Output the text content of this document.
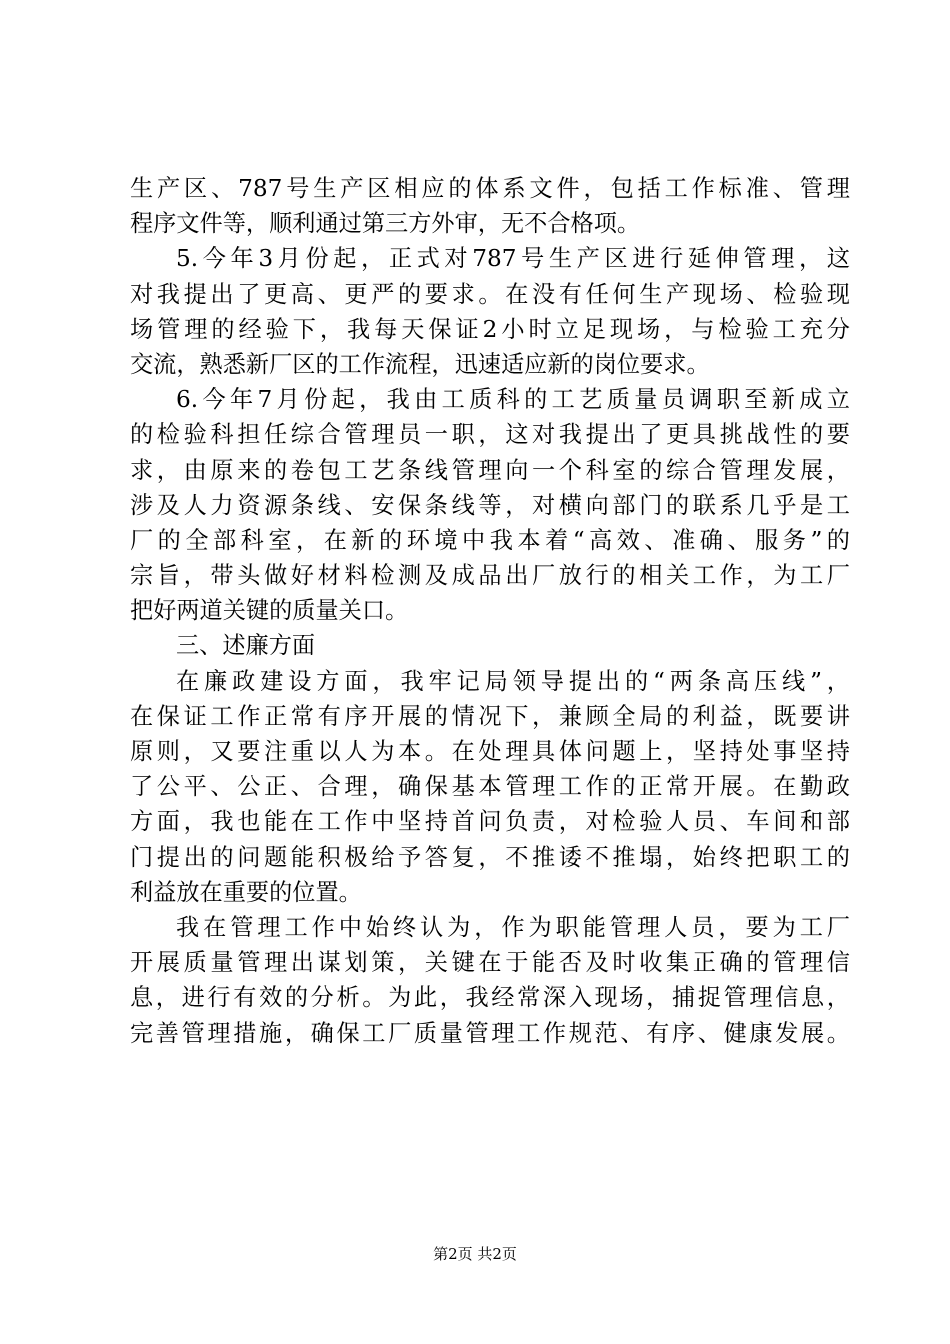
生产区、787号生产区相应的体系文件，包括工作标准、管理
程序文件等，顺利通过第三方外审，无不合格项。
5.今年3月份起，正式对787号生产区进行延伸管理，这
对我提出了更高、更严的要求。在没有任何生产现场、检验现
场管理的经验下，我每天保证2小时立足现场，与检验工充分
交流，熟悉新厂区的工作流程，迅速适应新的岗位要求。
6.今年7月份起，我由工质科的工艺质量员调职至新成立
的检验科担任综合管理员一职，这对我提出了更具挑战性的要
求，由原来的卷包工艺条线管理向一个科室的综合管理发展，
涉及人力资源条线、安保条线等，对横向部门的联系几乎是工
厂的全部科室，在新的环境中我本着“高效、准确、服务”的
宗旨，带头做好材料检测及成品出厂放行的相关工作，为工厂
把好两道关键的质量关口。
三、述廉方面
在廉政建设方面，我牢记局领导提出的“两条高压线”，
在保证工作正常有序开展的情况下，兼顾全局的利益，既要讲
原则，又要注重以人为本。在处理具体问题上，坚持处事坚持
了公平、公正、合理，确保基本管理工作的正常开展。在勤政
方面，我也能在工作中坚持首问负责，对检验人员、车间和部
门提出的问题能积极给予答复，不推诿不推塌，始终把职工的
利益放在重要的位置。
我在管理工作中始终认为，作为职能管理人员，要为工厂
开展质量管理出谋划策，关键在于能否及时收集正确的管理信
息，进行有效的分析。为此，我经常深入现场，捕捉管理信息，
完善管理措施，确保工厂质量管理工作规范、有序、健康发展。
第2页 共2页
